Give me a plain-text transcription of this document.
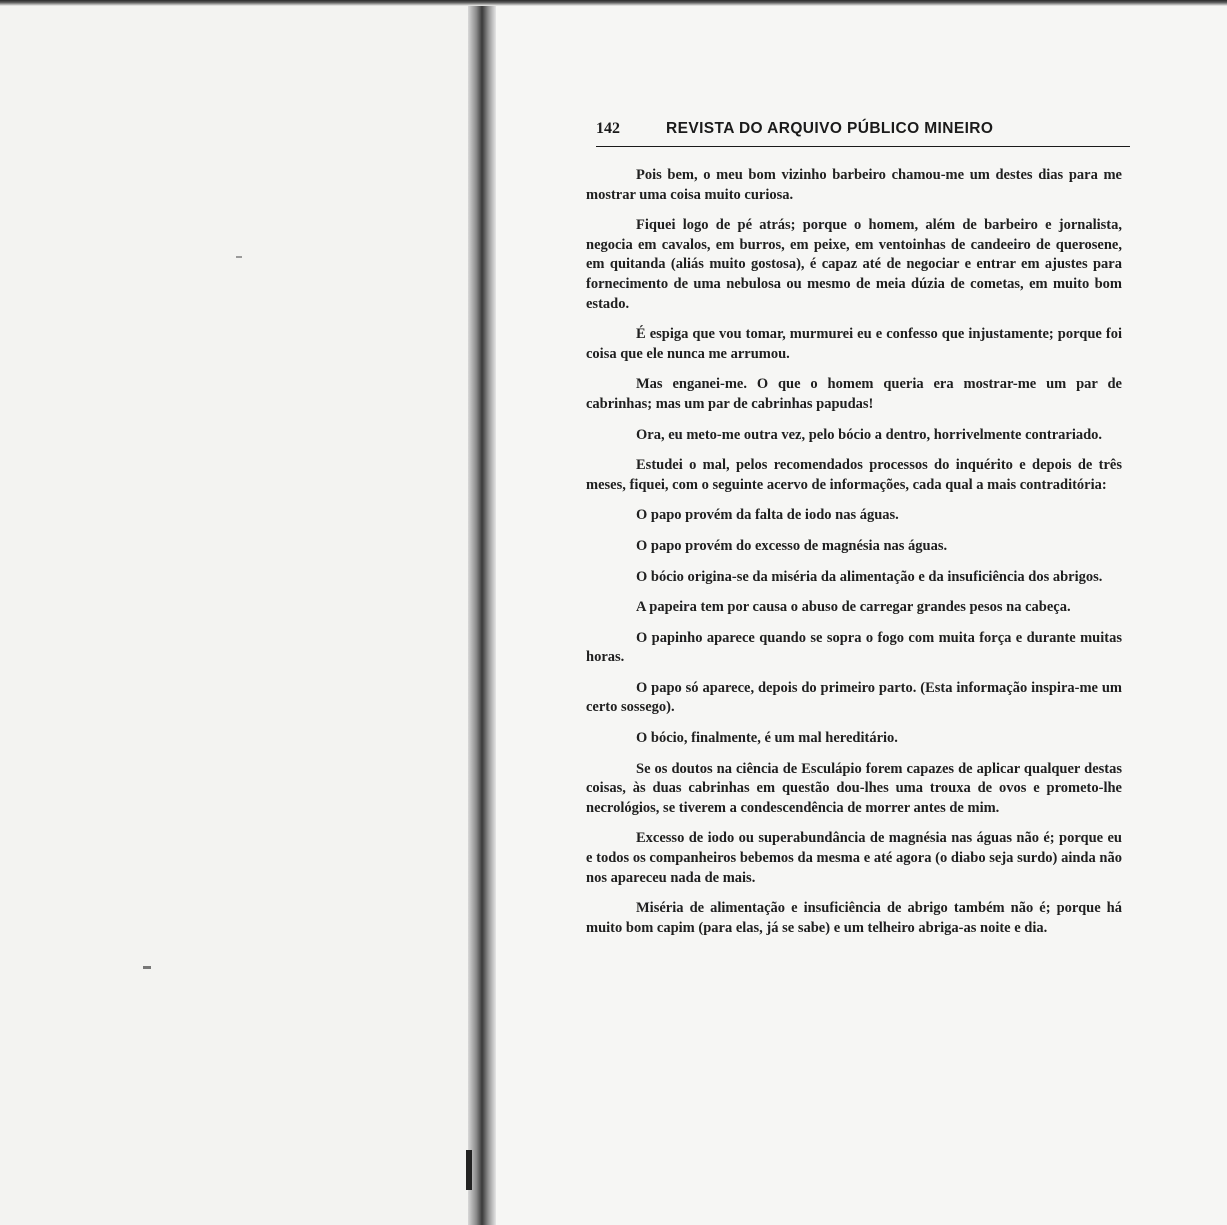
142	REVISTA DO ARQUIVO PÚBLICO MINEIRO

Pois bem, o meu bom vizinho barbeiro chamou-me um destes dias para me mostrar uma coisa muito curiosa.

Fiquei logo de pé atrás; porque o homem, além de barbeiro e jornalista, negocia em cavalos, em burros, em peixe, em ventoinhas de candeeiro de querosene, em quitanda (aliás muito gostosa), é capaz até de negociar e entrar em ajustes para fornecimento de uma nebulosa ou mesmo de meia dúzia de cometas, em muito bom estado.

É espiga que vou tomar, murmurei eu e confesso que injustamente; porque foi coisa que ele nunca me arrumou.

Mas enganei-me. O que o homem queria era mostrar-me um par de cabrinhas; mas um par de cabrinhas papudas!

Ora, eu meto-me outra vez, pelo bócio a dentro, horrivelmente contrariado.

Estudei o mal, pelos recomendados processos do inquérito e depois de três meses, fiquei, com o seguinte acervo de informações, cada qual a mais contraditória:

O papo provém da falta de iodo nas águas.

O papo provém do excesso de magnésia nas águas.

O bócio origina-se da miséria da alimentação e da insuficiência dos abrigos.

A papeira tem por causa o abuso de carregar grandes pesos na cabeça.

O papinho aparece quando se sopra o fogo com muita força e durante muitas horas.

O papo só aparece, depois do primeiro parto. (Esta informação inspira-me um certo sossego).

O bócio, finalmente, é um mal hereditário.

Se os doutos na ciência de Esculápio forem capazes de aplicar qualquer destas coisas, às duas cabrinhas em questão dou-lhes uma trouxa de ovos e prometo-lhe necrológios, se tiverem a condescendência de morrer antes de mim.

Excesso de iodo ou superabundância de magnésia nas águas não é; porque eu e todos os companheiros bebemos da mesma e até agora (o diabo seja surdo) ainda não nos apareceu nada de mais.

Miséria de alimentação e insuficiência de abrigo também não é; porque há muito bom capim (para elas, já se sabe) e um telheiro abriga-as noite e dia.
